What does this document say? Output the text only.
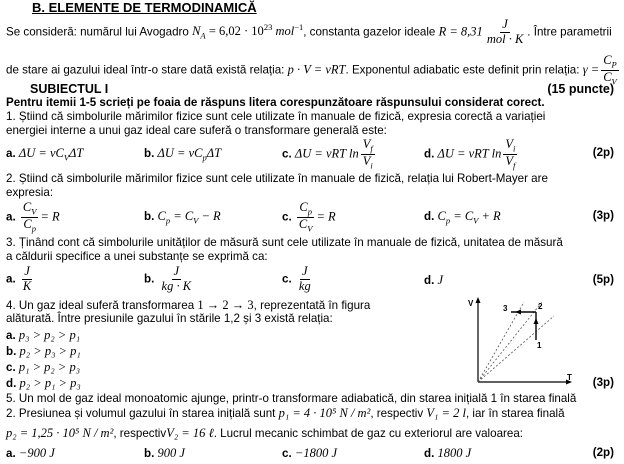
B. ELEMENTE DE TERMODINAMICĂ
Se consideră: numărul lui Avogadro $N_A = 6,02 \cdot 10^{23}$ mol$^{-1}$, constanta gazelor ideale $R = 8,31 \frac{J}{\text{mol · K}}$ . Între parametrii
de stare ai gazului ideal într-o stare dată există relația: p · V = νRT. Exponentul adiabatic este definit prin relația: $\gamma = \frac{C_P}{C_V}$
SUBIECTUL I	(15 puncte)
Pentru itemii 1-5 scrieți pe foaia de răspuns litera corespunzătoare răspunsului considerat corect.
1. Știind că simbolurile mărimilor fizice sunt cele utilizate în manuale de fizică, expresia corectă a variației
energiei interne a unui gaz ideal care suferă o transformare generală este:
a. $\Delta U = \nu C_V\Delta T$	b. $\Delta U = \nu C_p\Delta T$	c. ΔU = νRT $\ln \frac{V_f}{V_i}$	d. ΔU = νRT $\ln \frac{V_i}{V_f}$	(2p)
2. Știind că simbolurile mărimilor fizice sunt cele utilizate în manuale de fizică, relația lui Robert-Mayer are
expresia:
a. $\frac{C_V}{C_p} = R$	b. $C_p = C_V - R$	c. $\frac{C_p}{C_V} = R$	d. $C_p = C_V + R$	(3p)
3. Ținând cont că simbolurile unităților de măsură sunt cele utilizate în manuale de fizică, unitatea de măsură
a căldurii specifice a unei substanțe se exprimă ca:
a. $\frac{J}{K}$	b. $\frac{J}{kg \cdot K}$	c. $\frac{J}{kg}$	d. J	(5p)
4. Un gaz ideal suferă transformarea 1 → 2 → 3, reprezentată în figura
alăturată. Între presiunile gazului în stările 1,2 și 3 există relația:
a. p₃ > p₂ > p₁
b. p₂ > p₃ > p₁
c. p₁ > p₂ > p₃
d. p₂ > p₁ > p₃	(3p)
V
T
3	2
1
5. Un mol de gaz ideal monoatomic ajunge, printr-o transformare adiabatică, din starea inițială 1 în starea finală
2. Presiunea și volumul gazului în starea inițială sunt p₁ = 4 · 10⁵ N / m², respectiv V₁ = 2 l, iar în starea finală
p₂ = 1,25 · 10⁵ N / m², respectivV₂ = 16 ℓ. Lucrul mecanic schimbat de gaz cu exteriorul are valoarea:
a. −900 J	b. 900 J	c. −1800 J	d. 1800 J	(2p)
